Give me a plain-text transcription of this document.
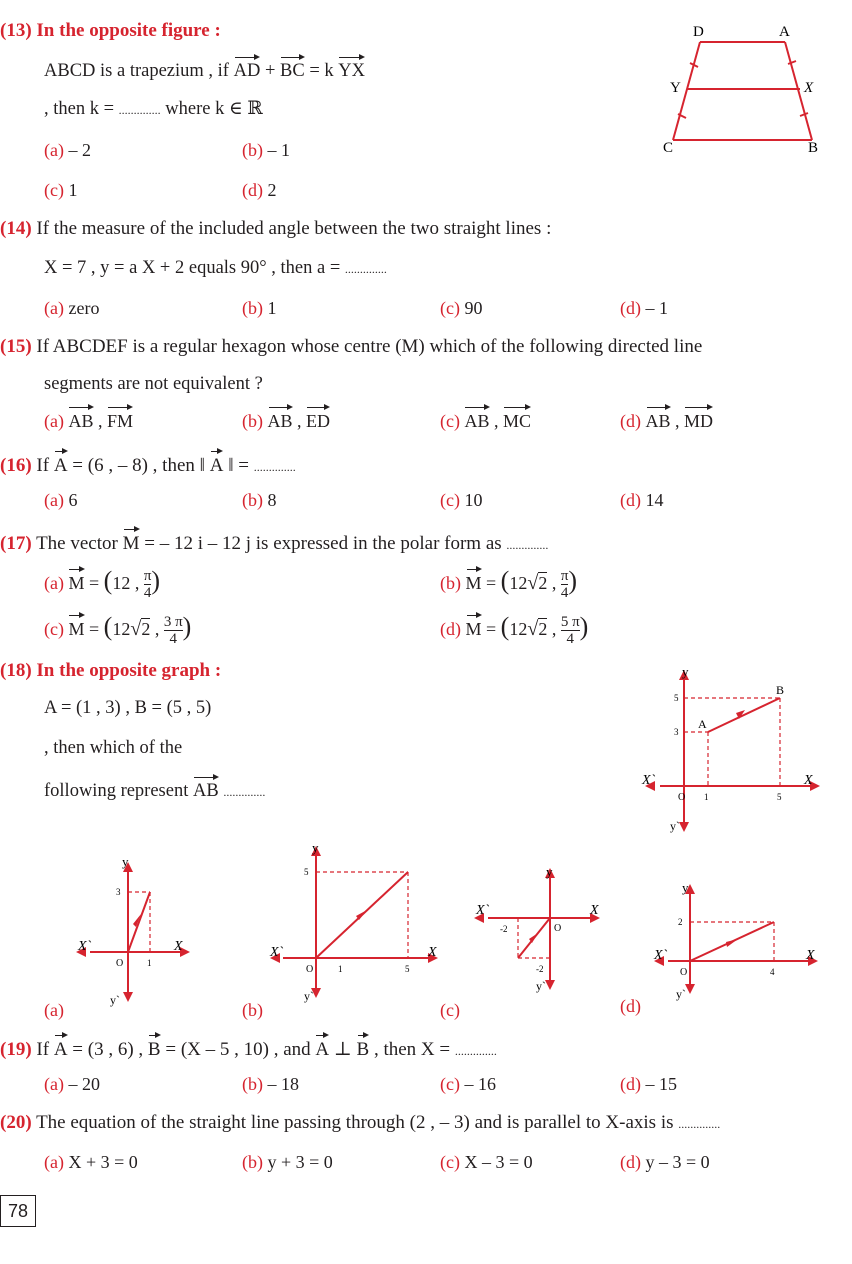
(13) In the opposite figure :
ABCD is a trapezium , if AD + BC = k YX
, then k = .............. where k ∈ ℝ
(a) – 2	(b) – 1
(c) 1	(d) 2
D	A
Y	X
C	B
(14) If the measure of the included angle between the two straight lines :
X = 7 , y = a X + 2 equals 90° , then a = ..............
(a) zero	(b) 1	(c) 90	(d) – 1
(15) If ABCDEF is a regular hexagon whose centre (M) which of the following directed line
segments are not equivalent ?
(a) AB , FM	(b) AB , ED	(c) AB , MC	(d) AB , MD
(16) If A = (6 , – 8) , then ‖ A ‖ = ..............
(a) 6	(b) 8	(c) 10	(d) 14
(17) The vector M = – 12 i – 12 j is expressed in the polar form as ..............
(a) M = (12 , $\frac{\pi}{4}$ )	(b) M = (12√2 , $\frac{\pi}{4}$ )
(c) M = (12√2 , $\frac{3 \pi}{4}$ )	(d) M = (12√2 , $\frac{5 \pi}{4}$ )
(18) In the opposite graph :
A = (1 , 3) , B = (5 , 5)
, then which of the
following represent AB ..............
y
X
X`
y`
O 1	5
3
5
A
B
(a)
y
X
X`
y`
O	1
3
(b)
y
X
X`
y`
O	1	5
5
(c)
y
X
X`
y`
O
-2
-2
(d)
y
X
X`
y`
O	4
2
(19) If A = (3 , 6) , B = (X – 5 , 10) , and A ⊥ B , then X = ..............
(a) – 20	(b) – 18	(c) – 16	(d) – 15
(20) The equation of the straight line passing through (2 , – 3) and is parallel to X-axis is ..............
(a) X + 3 = 0	(b) y + 3 = 0	(c) X – 3 = 0	(d) y – 3 = 0
78
